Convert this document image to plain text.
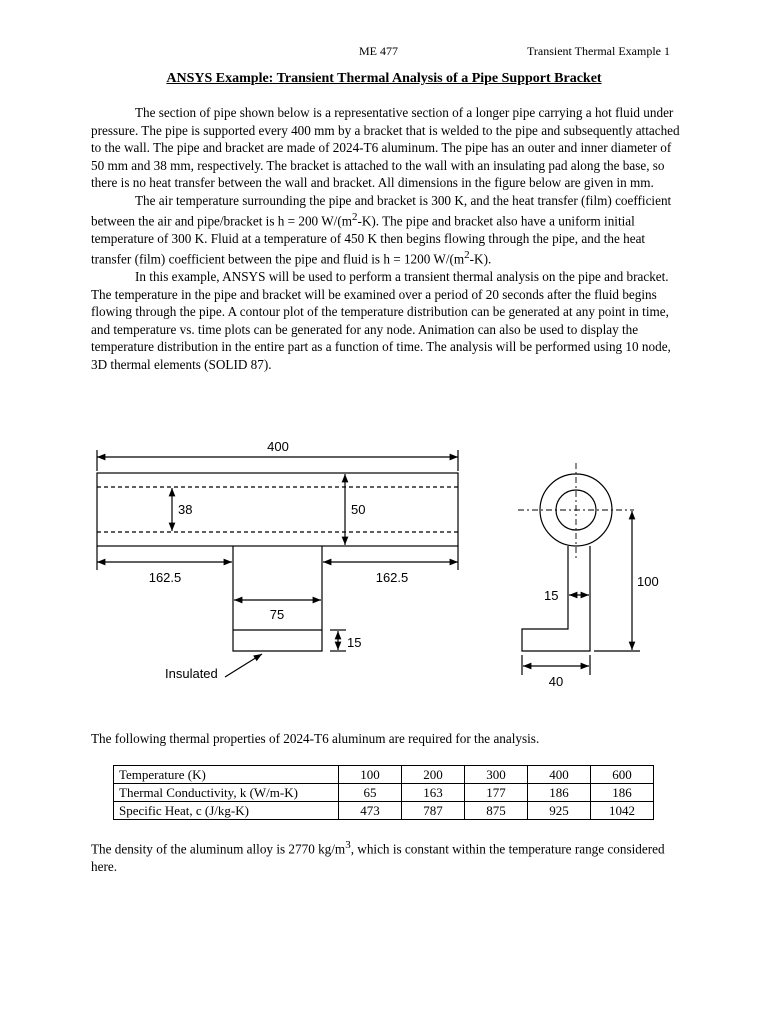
ME 477	Transient Thermal Example 1
ANSYS Example: Transient Thermal Analysis of a Pipe Support Bracket

The section of pipe shown below is a representative section of a longer pipe carrying a hot fluid under pressure. The pipe is supported every 400 mm by a bracket that is welded to the pipe and subsequently attached to the wall. The pipe and bracket are made of 2024-T6 aluminum. The pipe has an outer and inner diameter of 50 mm and 38 mm, respectively. The bracket is attached to the wall with an insulating pad along the base, so there is no heat transfer between the wall and bracket. All dimensions in the figure below are given in mm.

The air temperature surrounding the pipe and bracket is 300 K, and the heat transfer (film) coefficient between the air and pipe/bracket is h = 200 $W/(m^2-K)$. The pipe and bracket also have a uniform initial temperature of 300 K. Fluid at a temperature of 450 K then begins flowing through the pipe, and the heat transfer (film) coefficient between the pipe and fluid is h = 1200 $W/(m^2-K)$.

In this example, ANSYS will be used to perform a transient thermal analysis on the pipe and bracket. The temperature in the pipe and bracket will be examined over a period of 20 seconds after the fluid begins flowing through the pipe. A contour plot of the temperature distribution can be generated at any point in time, and temperature vs. time plots can be generated for any node. Animation can also be used to display the temperature distribution in the entire part as a function of time. The analysis will be performed using 10 node, 3D thermal elements (SOLID 87).

400
38	50
162.5	162.5
75
15
Insulated
15
100
40
The following thermal properties of 2024-T6 aluminum are required for the analysis.
Temperature (K)	100	200	300	400	600
Thermal Conductivity, k (W/m-K)	65	163	177	186	186
Specific Heat, c (J/kg-K)	473	787	875	925	1042
The density of the aluminum alloy is 2770 $kg/m^3$, which is constant within the temperature range considered here.
